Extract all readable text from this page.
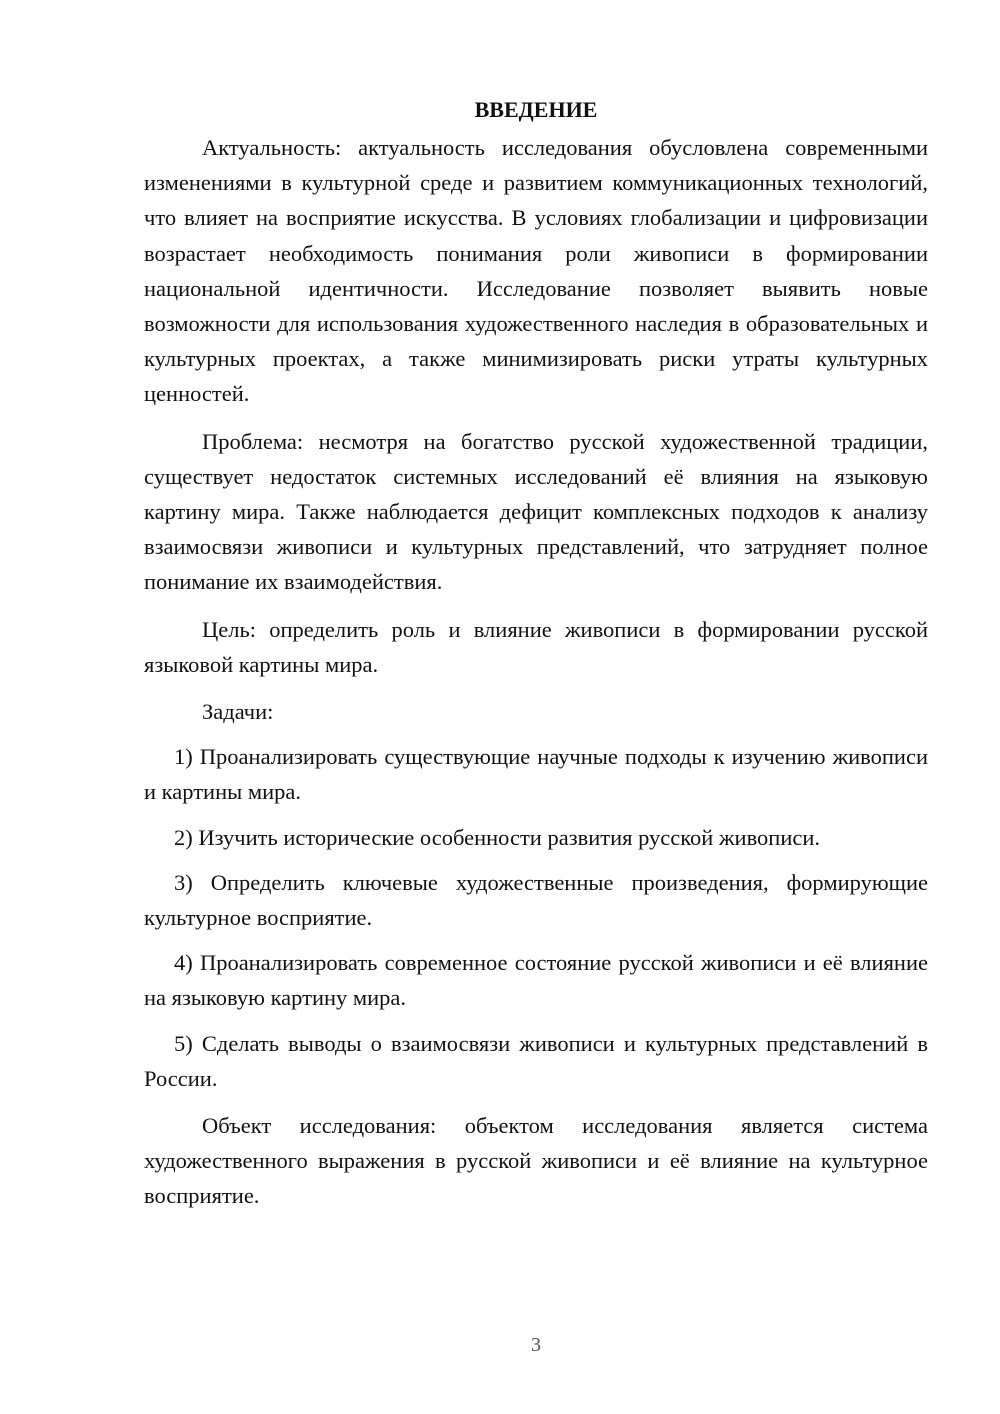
ВВЕДЕНИЕ

Актуальность: актуальность исследования обусловлена современными изменениями в культурной среде и развитием коммуникационных технологий, что влияет на восприятие искусства. В условиях глобализации и цифровизации возрастает необходимость понимания роли живописи в формировании национальной идентичности. Исследование позволяет выявить новые возможности для использования художественного наследия в образовательных и культурных проектах, а также минимизировать риски утраты культурных ценностей.

Проблема: несмотря на богатство русской художественной традиции, существует недостаток системных исследований её влияния на языковую картину мира. Также наблюдается дефицит комплексных подходов к анализу взаимосвязи живописи и культурных представлений, что затрудняет полное понимание их взаимодействия.

Цель: определить роль и влияние живописи в формировании русской языковой картины мира.

Задачи:

1) Проанализировать существующие научные подходы к изучению живописи и картины мира.

2) Изучить исторические особенности развития русской живописи.

3) Определить ключевые художественные произведения, формирующие культурное восприятие.

4) Проанализировать современное состояние русской живописи и её влияние на языковую картину мира.

5) Сделать выводы о взаимосвязи живописи и культурных представлений в России.

Объект исследования: объектом исследования является система художественного выражения в русской живописи и её влияние на культурное восприятие.

3
